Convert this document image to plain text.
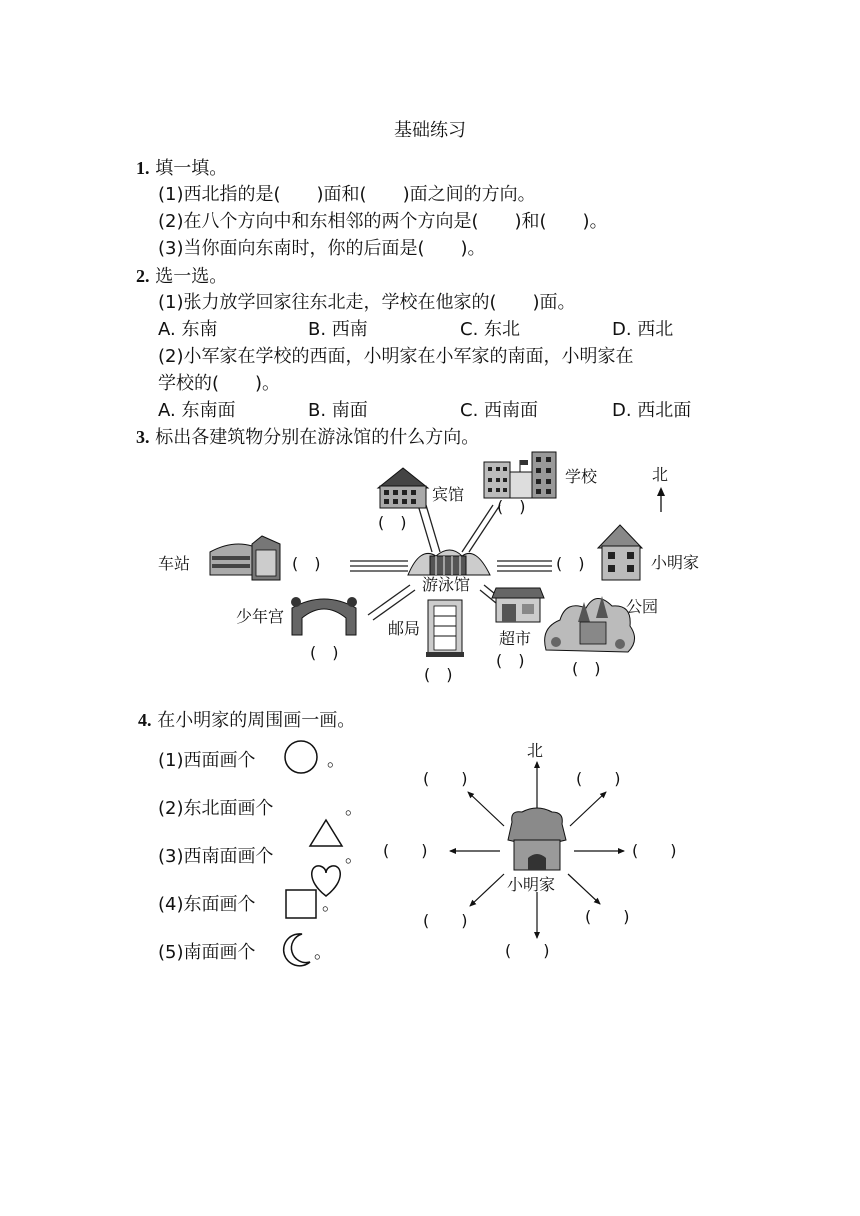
基础练习
1. 填一填。
(1)西北指的是(　　)面和(　　)面之间的方向。
(2)在八个方向中和东相邻的两个方向是(　　)和(　　)。
(3)当你面向东南时，你的后面是(　　)。
2. 选一选。
(1)张力放学回家往东北走，学校在他家的(　　)面。
A. 东南	B. 西南	C. 东北	D. 西北
(2)小军家在学校的西面，小明家在小军家的南面，小明家在
学校的(　　)。
A. 东南面	B. 南面	C. 西南面	D. 西北面
3. 标出各建筑物分别在游泳馆的什么方向。
宾馆
学校	北
车站	小明家
游泳馆
少年宫
邮局
超市
公园
(　)
(　)
(　)	(　)
(　)
(　)
(　)	(　)
4. 在小明家的周围画一画。
(1)西面画个
(2)东北面画个
(3)西南面画个
(4)东面画个
(5)南面画个
。
。
。
。
。
北
小明家
(　　)	(　　)
(　　)	(　　)
(　　)	(　　)
(　　)
